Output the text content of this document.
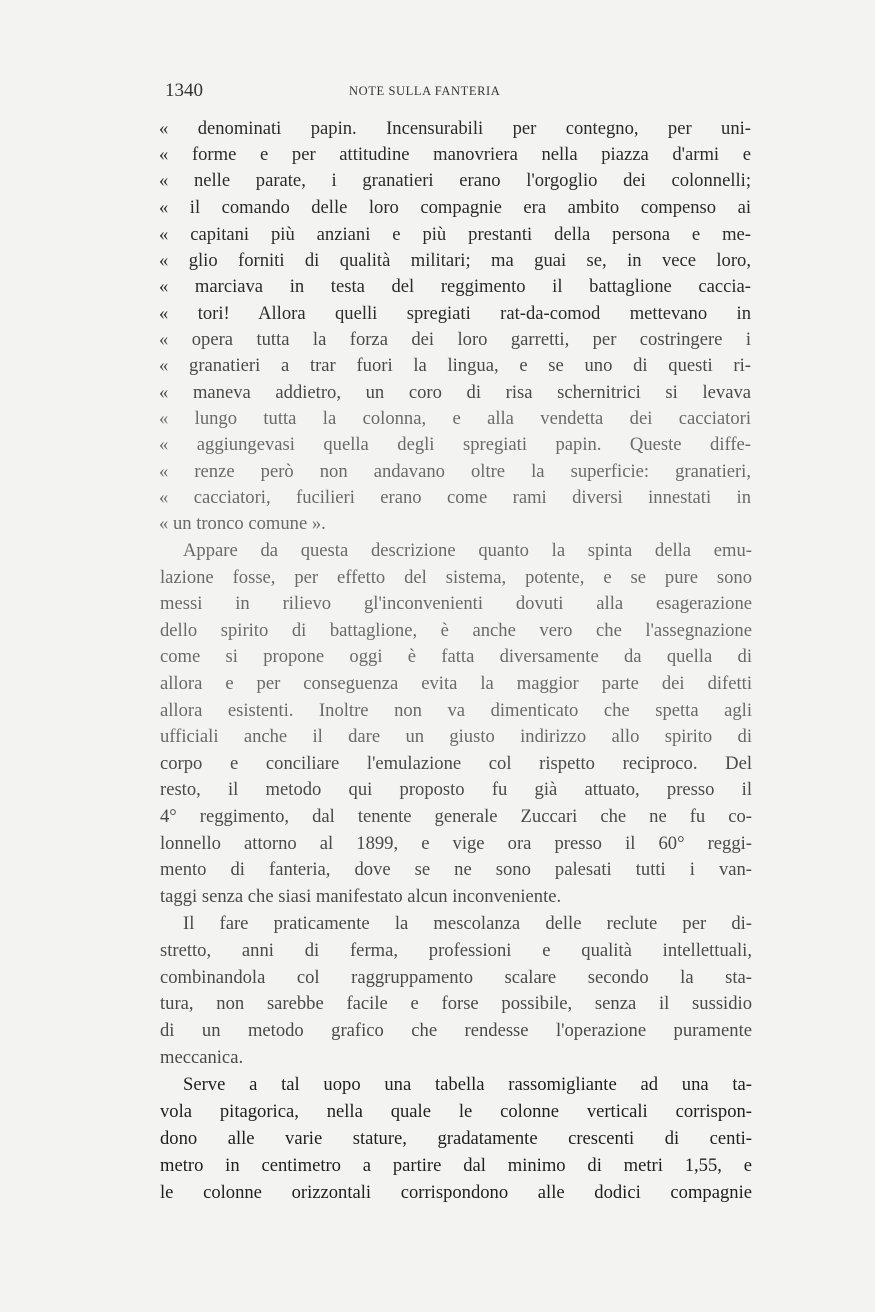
1340	NOTE SULLA FANTERIA
« denominati papin. Incensurabili per contegno, per uni-
« forme e per attitudine manovriera nella piazza d'armi e
« nelle parate, i granatieri erano l'orgoglio dei colonnelli;
« il comando delle loro compagnie era ambito compenso ai
« capitani più anziani e più prestanti della persona e me-
« glio forniti di qualità militari; ma guai se, in vece loro,
« marciava in testa del reggimento il battaglione caccia-
« tori! Allora quelli spregiati rat-da-comod mettevano in
« opera tutta la forza dei loro garretti, per costringere i
« granatieri a trar fuori la lingua, e se uno di questi ri-
« maneva addietro, un coro di risa schernitrici si levava
« lungo tutta la colonna, e alla vendetta dei cacciatori
« aggiungevasi quella degli spregiati papin. Queste diffe-
« renze però non andavano oltre la superficie: granatieri,
« cacciatori, fucilieri erano come rami diversi innestati in
« un tronco comune ».
Appare da questa descrizione quanto la spinta della emu-
lazione fosse, per effetto del sistema, potente, e se pure sono
messi in rilievo gl'inconvenienti dovuti alla esagerazione
dello spirito di battaglione, è anche vero che l'assegnazione
come si propone oggi è fatta diversamente da quella di
allora e per conseguenza evita la maggior parte dei difetti
allora esistenti. Inoltre non va dimenticato che spetta agli
ufficiali anche il dare un giusto indirizzo allo spirito di
corpo e conciliare l'emulazione col rispetto reciproco. Del
resto, il metodo qui proposto fu già attuato, presso il
4° reggimento, dal tenente generale Zuccari che ne fu co-
lonnello attorno al 1899, e vige ora presso il 60° reggi-
mento di fanteria, dove se ne sono palesati tutti i van-
taggi senza che siasi manifestato alcun inconveniente.
Il fare praticamente la mescolanza delle reclute per di-
stretto, anni di ferma, professioni e qualità intellettuali,
combinandola col raggruppamento scalare secondo la sta-
tura, non sarebbe facile e forse possibile, senza il sussidio
di un metodo grafico che rendesse l'operazione puramente
meccanica.
Serve a tal uopo una tabella rassomigliante ad una ta-
vola pitagorica, nella quale le colonne verticali corrispon-
dono alle varie stature, gradatamente crescenti di centi-
metro in centimetro a partire dal minimo di metri 1,55, e
le colonne orizzontali corrispondono alle dodici compagnie
